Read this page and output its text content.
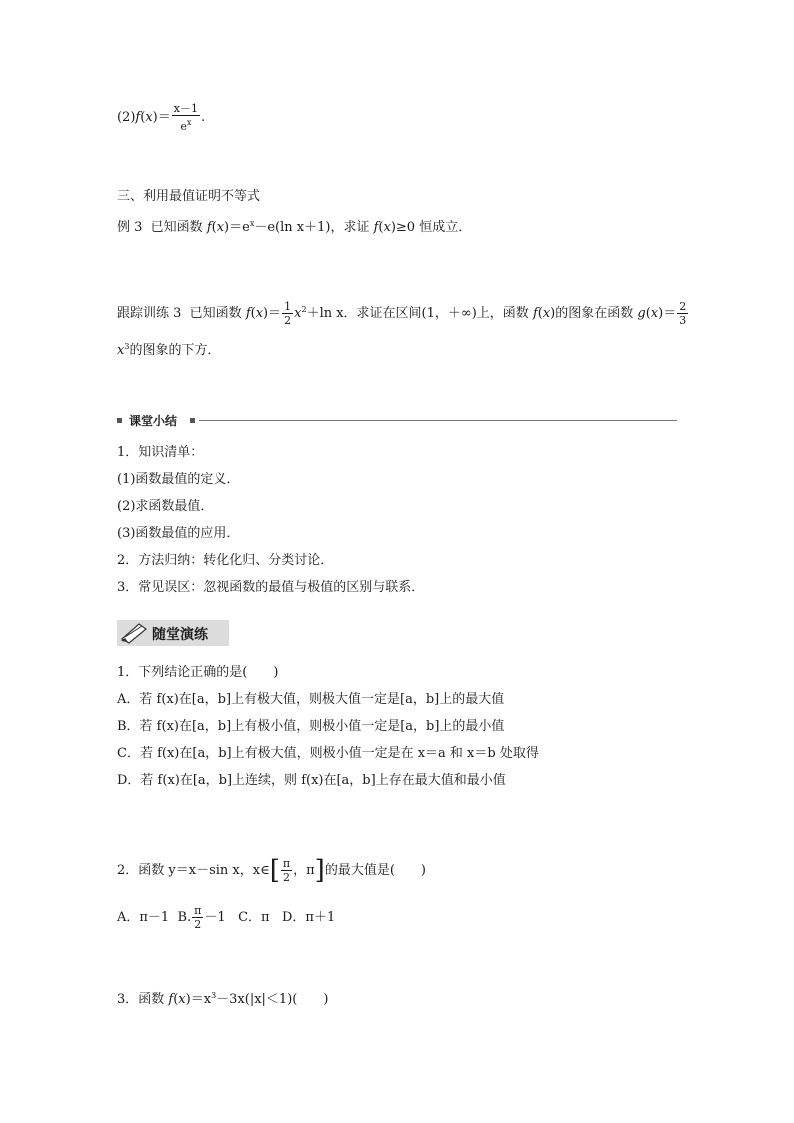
$(2)f(x)= \frac{x-1}{e^x}$ .
三、利用最值证明不等式
例 3 已知函数 $f(x)=e^x-e(\ln$ x＋1)，求证 f(x)≥0 恒成立．
跟踪训练 3 已知函数 $f(x)= \frac{1}{2} x^2+\ln$ x．求证在区间(1，＋∞)上，函数 f(x)的图象在函数 $g(x)= \frac{2}{3}$
$x^3$的图象的下方．
课堂小结
1．知识清单：
(1)函数最值的定义．
(2)求函数最值．
(3)函数最值的应用．
2．方法归纳：转化化归、分类讨论．
3．常见误区：忽视函数的最值与极值的区别与联系．
随堂演练
1．下列结论正确的是(　　)
A．若 f(x)在[a，b]上有极大值，则极大值一定是[a，b]上的最大值
B．若 f(x)在[a，b]上有极小值，则极小值一定是[a，b]上的最小值
C．若 f(x)在[a，b]上有极大值，则极小值一定是在 x＝a 和 x＝b 处取得
D．若 f(x)在[a，b]上连续，则 f(x)在[a，b]上存在最大值和最小值
2．函数 y＝x－sin x，x∈[ $\frac{\pi}{2}$ ，π]的最大值是(　　)
A．π－1 B. $\frac{\pi}{2} -1$ C．π D．π＋1
3．函数 $f(x)=x^3-3x(|x|<1)$(　　)
